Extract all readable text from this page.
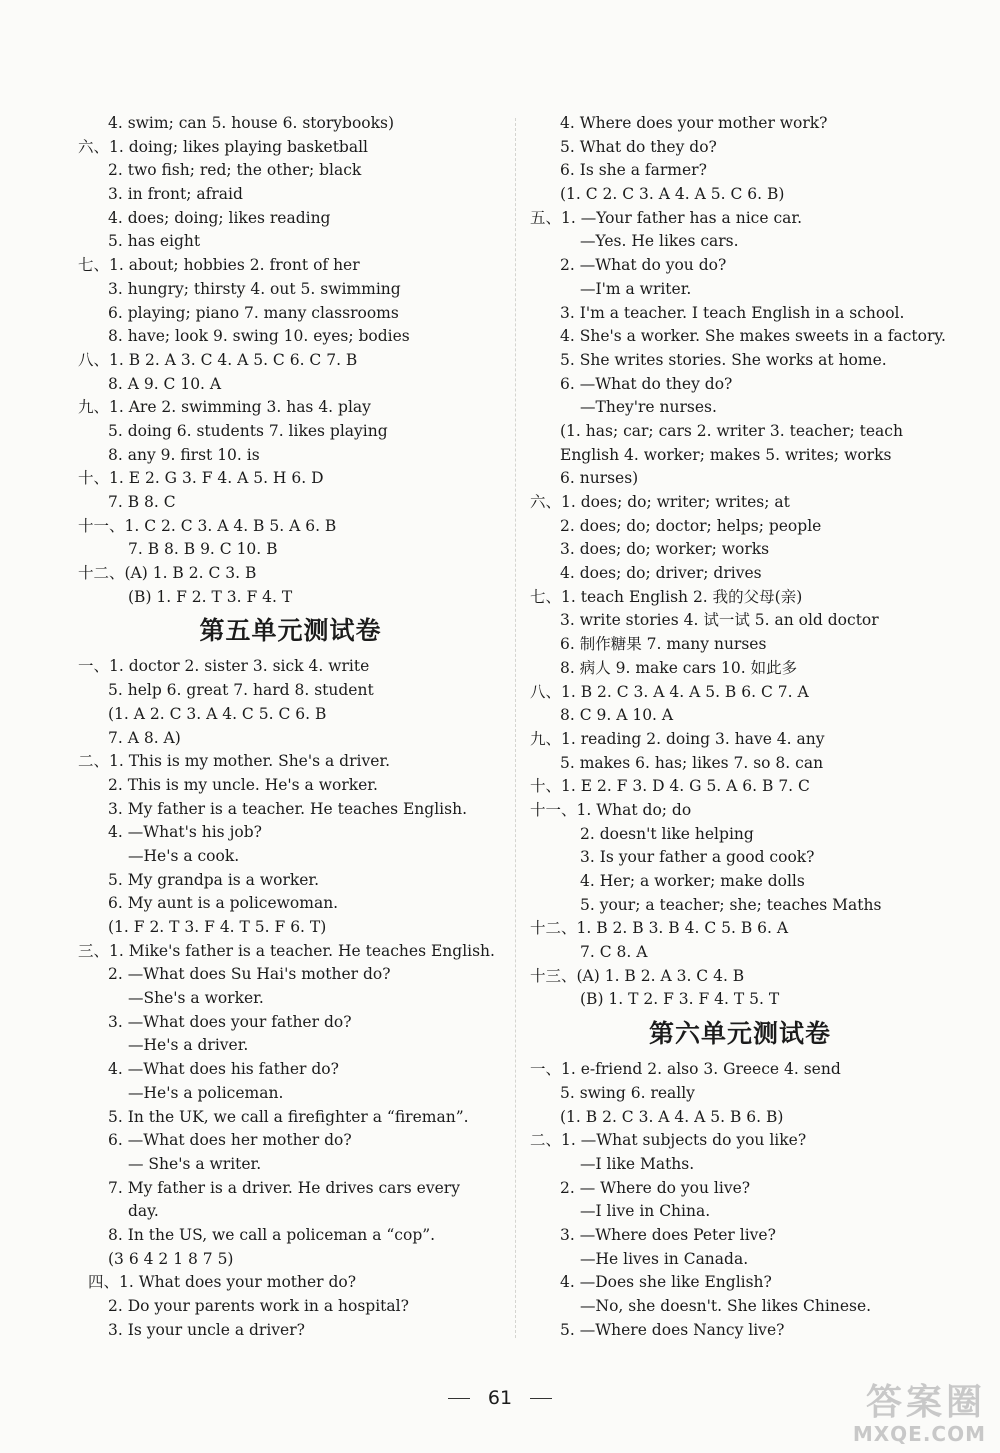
4. swim; can 5. house 6. storybooks)
六、1. doing; likes playing basketball
2. two fish; red; the other; black
3. in front; afraid
4. does; doing; likes reading
5. has eight
七、1. about; hobbies 2. front of her
3. hungry; thirsty 4. out 5. swimming
6. playing; piano 7. many classrooms
8. have; look 9. swing 10. eyes; bodies
八、1. B 2. A 3. C 4. A 5. C 6. C 7. B
8. A 9. C 10. A
九、1. Are 2. swimming 3. has 4. play
5. doing 6. students 7. likes playing
8. any 9. first 10. is
十、1. E 2. G 3. F 4. A 5. H 6. D
7. B 8. C
十一、1. C 2. C 3. A 4. B 5. A 6. B
7. B 8. B 9. C 10. B
十二、(A) 1. B 2. C 3. B
(B) 1. F 2. T 3. F 4. T
第五单元测试卷
一、1. doctor 2. sister 3. sick 4. write
5. help 6. great 7. hard 8. student
(1. A 2. C 3. A 4. C 5. C 6. B
7. A 8. A)
二、1. This is my mother. She's a driver.
2. This is my uncle. He's a worker.
3. My father is a teacher. He teaches English.
4. —What's his job?
—He's a cook.
5. My grandpa is a worker.
6. My aunt is a policewoman.
(1. F 2. T 3. F 4. T 5. F 6. T)
三、1. Mike's father is a teacher. He teaches English.
2. —What does Su Hai's mother do?
—She's a worker.
3. —What does your father do?
—He's a driver.
4. —What does his father do?
—He's a policeman.
5. In the UK, we call a firefighter a “fireman”.
6. —What does her mother do?
— She's a writer.
7. My father is a driver. He drives cars every
day.
8. In the US, we call a policeman a “cop”.
(3 6 4 2 1 8 7 5)
四、1. What does your mother do?
2. Do your parents work in a hospital?
3. Is your uncle a driver?
4. Where does your mother work?
5. What do they do?
6. Is she a farmer?
(1. C 2. C 3. A 4. A 5. C 6. B)
五、1. —Your father has a nice car.
—Yes. He likes cars.
2. —What do you do?
—I'm a writer.
3. I'm a teacher. I teach English in a school.
4. She's a worker. She makes sweets in a factory.
5. She writes stories. She works at home.
6. —What do they do?
—They're nurses.
(1. has; car; cars 2. writer 3. teacher; teach
English 4. worker; makes 5. writes; works
6. nurses)
六、1. does; do; writer; writes; at
2. does; do; doctor; helps; people
3. does; do; worker; works
4. does; do; driver; drives
七、1. teach English 2. 我的父母(亲)
3. write stories 4. 试一试 5. an old doctor
6. 制作糖果 7. many nurses
8. 病人 9. make cars 10. 如此多
八、1. B 2. C 3. A 4. A 5. B 6. C 7. A
8. C 9. A 10. A
九、1. reading 2. doing 3. have 4. any
5. makes 6. has; likes 7. so 8. can
十、1. E 2. F 3. D 4. G 5. A 6. B 7. C
十一、1. What do; do
2. doesn't like helping
3. Is your father a good cook?
4. Her; a worker; make dolls
5. your; a teacher; she; teaches Maths
十二、1. B 2. B 3. B 4. C 5. B 6. A
7. C 8. A
十三、(A) 1. B 2. A 3. C 4. B
(B) 1. T 2. F 3. F 4. T 5. T
第六单元测试卷
一、1. e-friend 2. also 3. Greece 4. send
5. swing 6. really
(1. B 2. C 3. A 4. A 5. B 6. B)
二、1. —What subjects do you like?
—I like Maths.
2. — Where do you live?
—I live in China.
3. —Where does Peter live?
—He lives in Canada.
4. —Does she like English?
—No, she doesn't. She likes Chinese.
5. —Where does Nancy live?
61	答案圈
MXQE.COM
